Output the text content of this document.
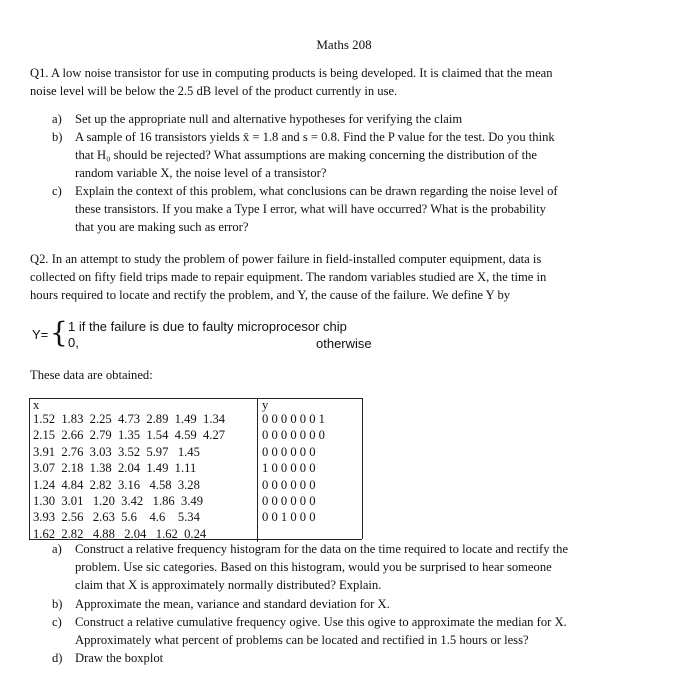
Maths 208
Q1. A low noise transistor for use in computing products is being developed. It is claimed that the mean
noise level will be below the 2.5 dB level of the product currently in use.
a) Set up the appropriate null and alternative hypotheses for verifying the claim
b) A sample of 16 transistors yields x̄ = 1.8 and s = 0.8. Find the P value for the test. Do you think
that H₀ should be rejected? What assumptions are making concerning the distribution of the
random variable X, the noise level of a transistor?
c) Explain the context of this problem, what conclusions can be drawn regarding the noise level of
these transistors. If you make a Type I error, what will have occurred? What is the probability
that you are making such as error?
Q2. In an attempt to study the problem of power failure in field-installed computer equipment, data is
collected on fifty field trips made to repair equipment. The random variables studied are X, the time in
hours required to locate and rectify the problem, and Y, the cause of the failure. We define Y by
Y= { 1 if the failure is due to faulty microprocesor chip
0,	otherwise
These data are obtained:
x	y
1.52  1.83  2.25  4.73  2.89  1.49  1.34	0 0 0 0 0 0 1
2.15  2.66  2.79  1.35  1.54  4.59  4.27	0 0 0 0 0 0 0
3.91  2.76  3.03  3.52  5.97   1.45	0 0 0 0 0 0
3.07  2.18  1.38  2.04  1.49  1.11	1 0 0 0 0 0
1.24  4.84  2.82  3.16   4.58  3.28	0 0 0 0 0 0
1.30  3.01   1.20  3.42   1.86  3.49	0 0 0 0 0 0
3.93  2.56   2.63  5.6    4.6    5.34	0 0 1 0 0 0
1.62  2.82   4.88   2.04   1.62  0.24	
a) Construct a relative frequency histogram for the data on the time required to locate and rectify the
problem. Use sic categories. Based on this histogram, would you be surprised to hear someone
claim that X is approximately normally distributed? Explain.
b) Approximate the mean, variance and standard deviation for X.
c) Construct a relative cumulative frequency ogive. Use this ogive to approximate the median for X.
Approximately what percent of problems can be located and rectified in 1.5 hours or less?
d) Draw the boxplot
